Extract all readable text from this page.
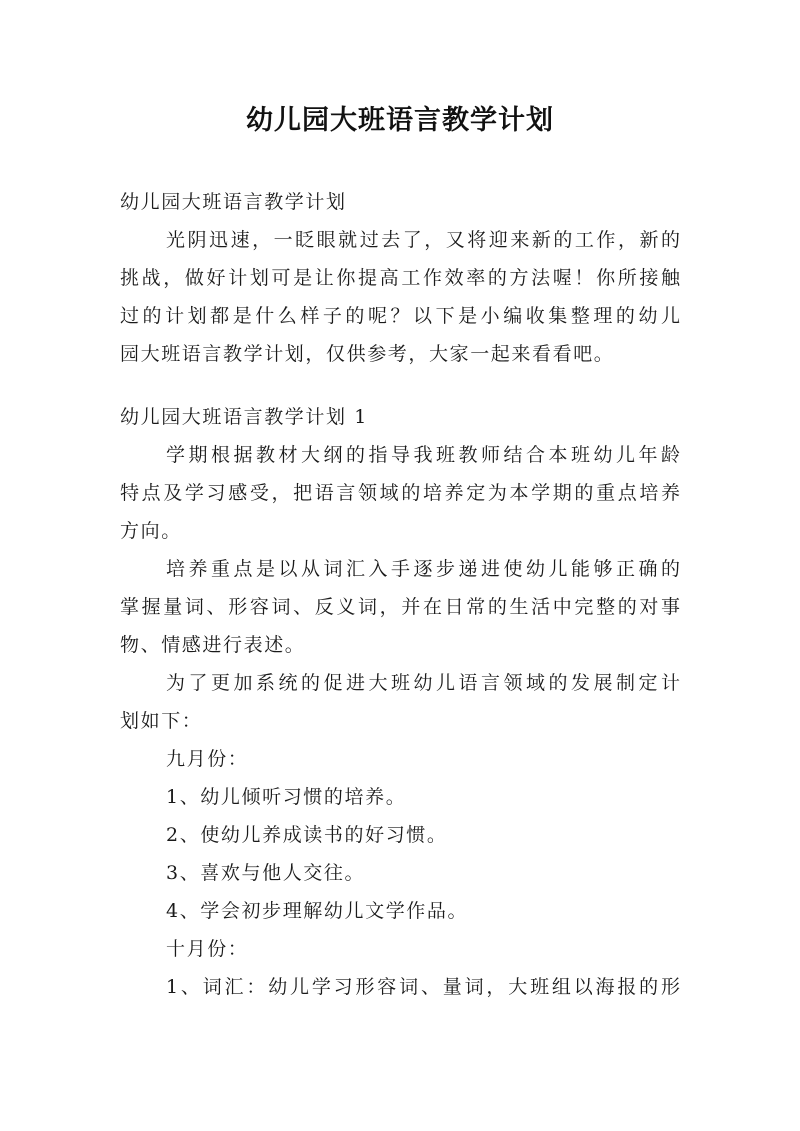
幼儿园大班语言教学计划
幼儿园大班语言教学计划
光阴迅速，一眨眼就过去了，又将迎来新的工作，新的
挑战，做好计划可是让你提高工作效率的方法喔！你所接触
过的计划都是什么样子的呢？以下是小编收集整理的幼儿
园大班语言教学计划，仅供参考，大家一起来看看吧。
幼儿园大班语言教学计划 1
学期根据教材大纲的指导我班教师结合本班幼儿年龄
特点及学习感受，把语言领域的培养定为本学期的重点培养
方向。
培养重点是以从词汇入手逐步递进使幼儿能够正确的
掌握量词、形容词、反义词，并在日常的生活中完整的对事
物、情感进行表述。
为了更加系统的促进大班幼儿语言领域的发展制定计
划如下：
九月份：
1、幼儿倾听习惯的培养。
2、使幼儿养成读书的好习惯。
3、喜欢与他人交往。
4、学会初步理解幼儿文学作品。
十月份：
1、词汇：幼儿学习形容词、量词，大班组以海报的形
